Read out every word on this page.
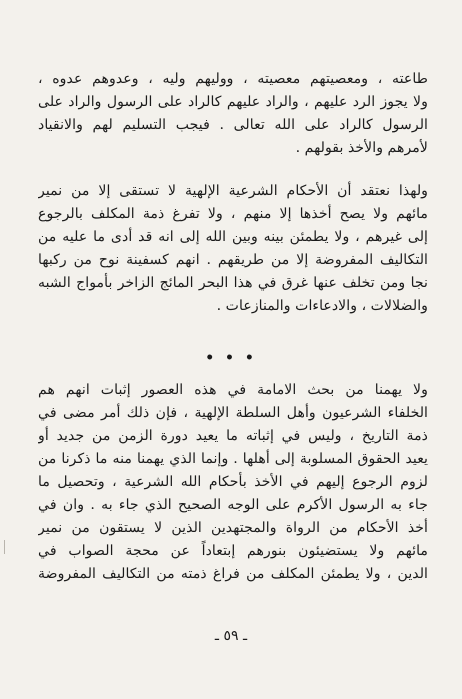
طاعته ، ومعصيتهم معصيته ، ووليهم وليه ، وعدوهم عدوه ،
ولا يجوز الرد عليهم ، والراد عليهم كالراد على الرسول والراد على
الرسول كالراد على الله تعالى . فيجب التسليم لهم والانقياد
لأمرهم والأخذ بقولهم .
ولهذا نعتقد أن الأحكام الشرعية الإلهية لا تستقى إلا من نمير
مائهم ولا يصح أخذها إلا منهم ، ولا تفرغ ذمة المكلف بالرجوع
إلى غيرهم ، ولا يطمئن بينه وبين الله إلى انه قد أدى ما عليه من
التكاليف المفروضة إلا من طريقهم . انهم كسفينة نوح من ركبها
نجا ومن تخلف عنها غرق في هذا البحر المائج الزاخر بأمواج الشبه
والضلالات ، والادعاءات والمنازعات .
• • •
ولا يهمنا من بحث الامامة في هذه العصور إثبات انهم هم
الخلفاء الشرعيون وأهل السلطة الإلهية ، فإن ذلك أمر مضى في
ذمة التاريخ ، وليس في إثباته ما يعيد دورة الزمن من جديد أو
يعيد الحقوق المسلوبة إلى أهلها . وإنما الذي يهمنا منه ما ذكرنا من
لزوم الرجوع إليهم في الأخذ بأحكام الله الشرعية ، وتحصيل ما
جاء به الرسول الأكرم على الوجه الصحيح الذي جاء به . وان في
أخذ الأحكام من الرواة والمجتهدين الذين لا يستقون من نمير
مائهم ولا يستضيئون بنورهم إبتعاداً عن محجة الصواب في
الدين ، ولا يطمئن المكلف من فراغ ذمته من التكاليف المفروضة
ـ ٥٩ ـ
